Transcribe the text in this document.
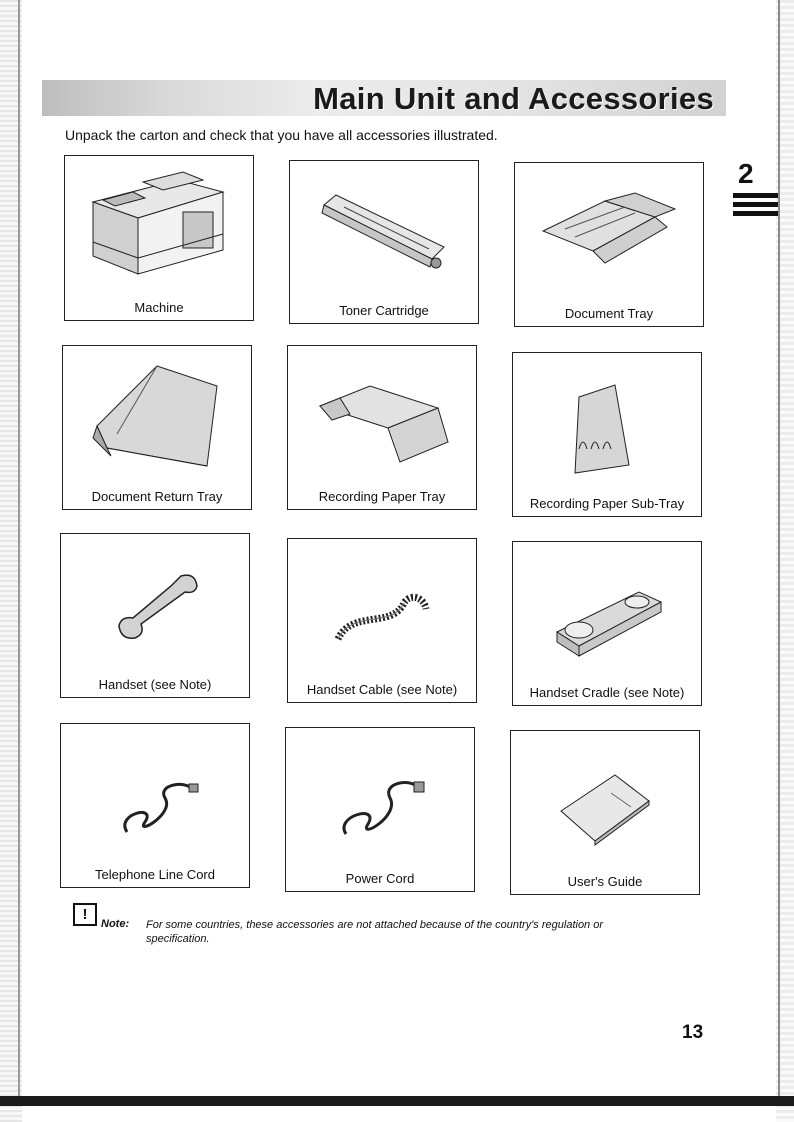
Main Unit and Accessories
Unpack the carton and check that you have all accessories illustrated.
2
Machine	Toner Cartridge	Document Tray
Document Return Tray	Recording Paper Tray	Recording Paper Sub-Tray
Handset (see Note)	Handset Cable (see Note)	Handset Cradle (see Note)
Telephone Line Cord	Power Cord	User's Guide
!
Note: For some countries, these accessories are not attached because of the country's regulation or specification.
13
